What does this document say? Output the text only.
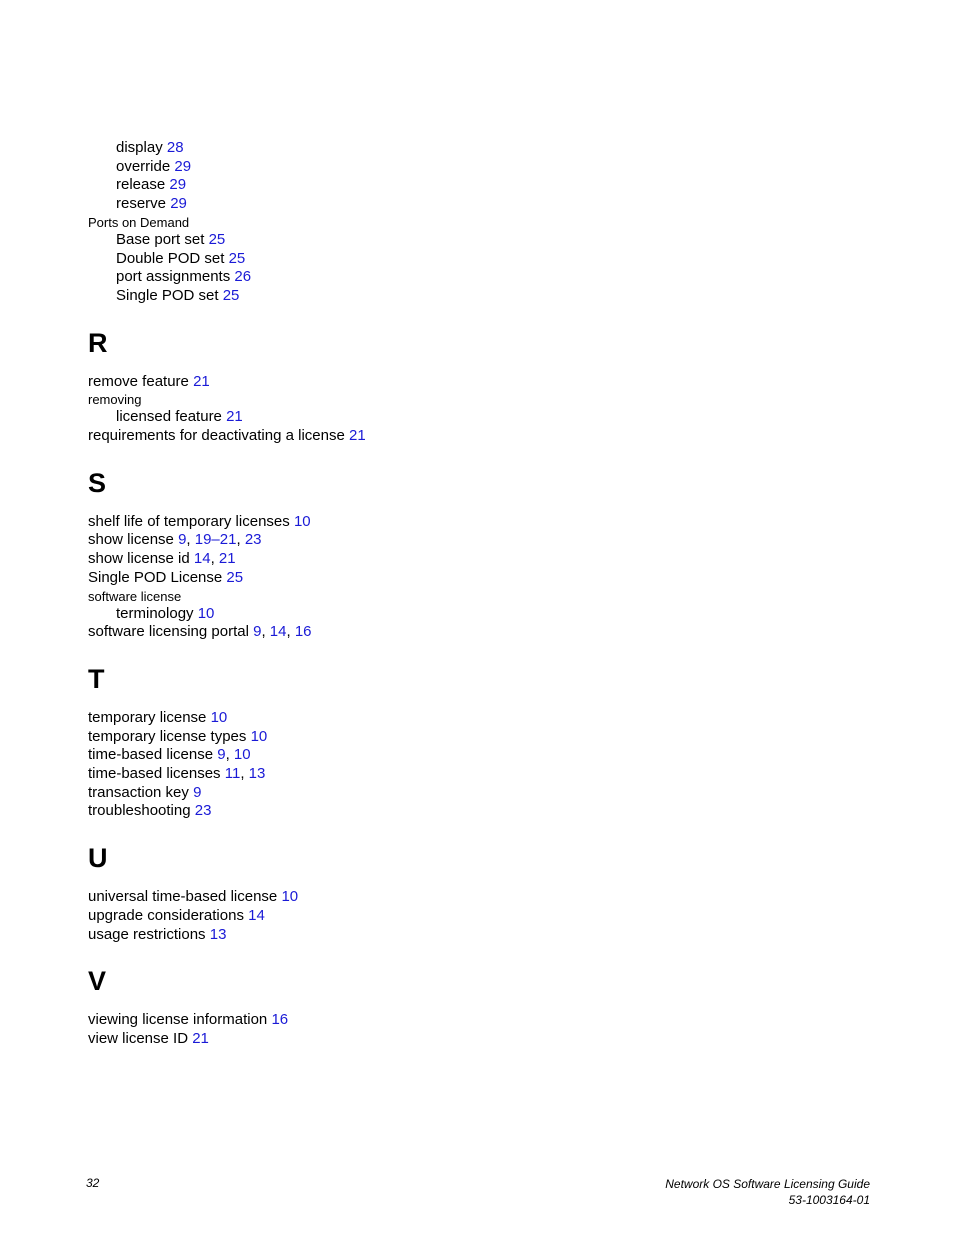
display 28
override 29
release 29
reserve 29
Ports on Demand
Base port set 25
Double POD set 25
port assignments 26
Single POD set 25
R
remove feature 21
removing
licensed feature 21
requirements for deactivating a license 21
S
shelf life of temporary licenses 10
show license 9, 19–21, 23
show license id 14, 21
Single POD License 25
software license
terminology 10
software licensing portal 9, 14, 16
T
temporary license 10
temporary license types 10
time-based license 9, 10
time-based licenses 11, 13
transaction key 9
troubleshooting 23
U
universal time-based license 10
upgrade considerations 14
usage restrictions 13
V
viewing license information 16
view license ID 21
32	Network OS Software Licensing Guide
53-1003164-01
